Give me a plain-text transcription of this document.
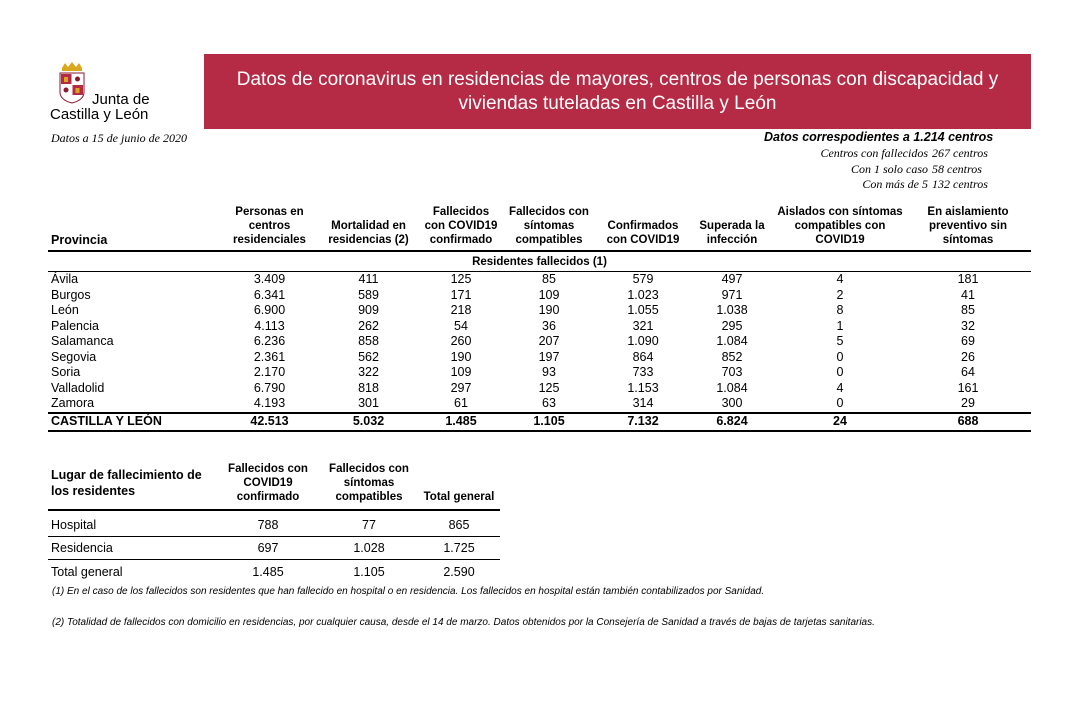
Junta de
Castilla y León
Datos a 15 de junio de 2020
Datos de coronavirus en residencias de mayores, centros de personas con discapacidad y viviendas tuteladas en Castilla y León
Datos correspodientes a 1.214 centros
Centros con fallecidos 267 centros
Con 1 solo caso 58 centros
Con más de 5 132 centros
Provincia	Personas en centros residenciales	Mortalidad en residencias (2)	Fallecidos con COVID19 confirmado	Fallecidos con síntomas compatibles	Confirmados con COVID19	Superada la infección	Aislados con síntomas compatibles con COVID19	En aislamiento preventivo sin síntomas
Residentes fallecidos (1)								
Ávila	3.409	411	125	85	579	497	4	181
Burgos	6.341	589	171	109	1.023	971	2	41
León	6.900	909	218	190	1.055	1.038	8	85
Palencia	4.113	262	54	36	321	295	1	32
Salamanca	6.236	858	260	207	1.090	1.084	5	69
Segovia	2.361	562	190	197	864	852	0	26
Soria	2.170	322	109	93	733	703	0	64
Valladolid	6.790	818	297	125	1.153	1.084	4	161
Zamora	4.193	301	61	63	314	300	0	29
CASTILLA Y LEÓN	42.513	5.032	1.485	1.105	7.132	6.824	24	688
Lugar de fallecimiento de los residentes	Fallecidos con COVID19 confirmado	Fallecidos con síntomas compatibles	Total general
Hospital	788	77	865
Residencia	697	1.028	1.725
Total general	1.485	1.105	2.590
(1) En el caso de los fallecidos son residentes que han fallecido en hospital o en residencia. Los fallecidos en hospital están también contabilizados por Sanidad.
(2) Totalidad de fallecidos con domicilio en residencias, por cualquier causa, desde el 14 de marzo. Datos obtenidos por la Consejería de Sanidad a través de bajas de tarjetas sanitarias.
